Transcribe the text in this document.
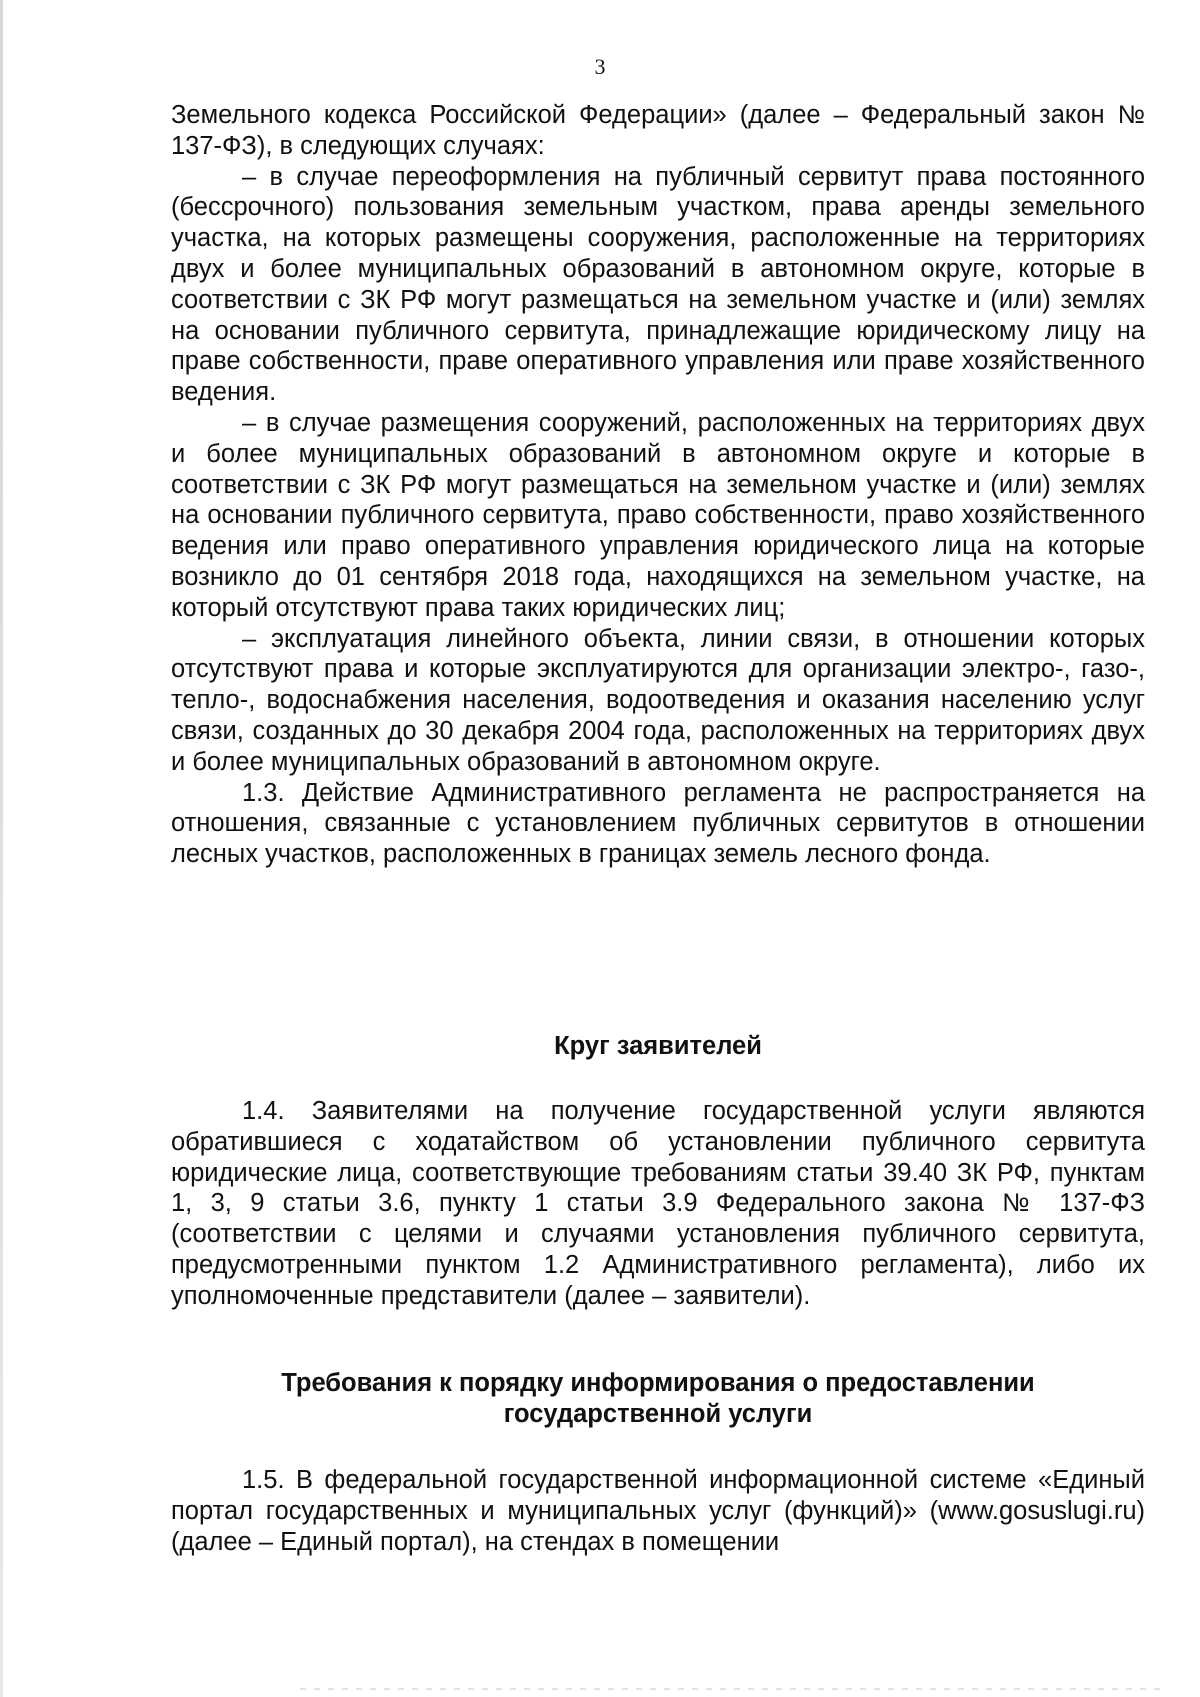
3

Земельного кодекса Российской Федерации» (далее – Федеральный закон № 137-ФЗ), в следующих случаях:

– в случае переоформления на публичный сервитут права постоянного (бессрочного) пользования земельным участком, права аренды земельного участка, на которых размещены сооружения, расположенные на территориях двух и более муниципальных образований в автономном округе, которые в соответствии с ЗК РФ могут размещаться на земельном участке и (или) землях на основании публичного сервитута, принадлежащие юридическому лицу на праве собственности, праве оперативного управления или праве хозяйственного ведения.

– в случае размещения сооружений, расположенных на территориях двух и более муниципальных образований в автономном округе и которые в соответствии с ЗК РФ могут размещаться на земельном участке и (или) землях на основании публичного сервитута, право собственности, право хозяйственного ведения или право оперативного управления юридического лица на которые возникло до 01 сентября 2018 года, находящихся на земельном участке, на который отсутствуют права таких юридических лиц;

– эксплуатация линейного объекта, линии связи, в отношении которых отсутствуют права и которые эксплуатируются для организации электро-, газо-, тепло-, водоснабжения населения, водоотведения и оказания населению услуг связи, созданных до 30 декабря 2004 года, расположенных на территориях двух и более муниципальных образований в автономном округе.

1.3. Действие Административного регламента не распространяется на отношения, связанные с установлением публичных сервитутов в отношении лесных участков, расположенных в границах земель лесного фонда.

Круг заявителей

1.4. Заявителями на получение государственной услуги являются обратившиеся с ходатайством об установлении публичного сервитута юридические лица, соответствующие требованиям статьи 39.40 ЗК РФ, пунктам 1, 3, 9 статьи 3.6, пункту 1 статьи 3.9 Федерального закона № 137-ФЗ (соответствии с целями и случаями установления публичного сервитута, предусмотренными пунктом 1.2 Административного регламента), либо их уполномоченные представители (далее – заявители).

Требования к порядку информирования о предоставлении
государственной услуги

1.5. В федеральной государственной информационной системе «Единый портал государственных и муниципальных услуг (функций)» (www.gosuslugi.ru) (далее – Единый портал), на стендах в помещении
